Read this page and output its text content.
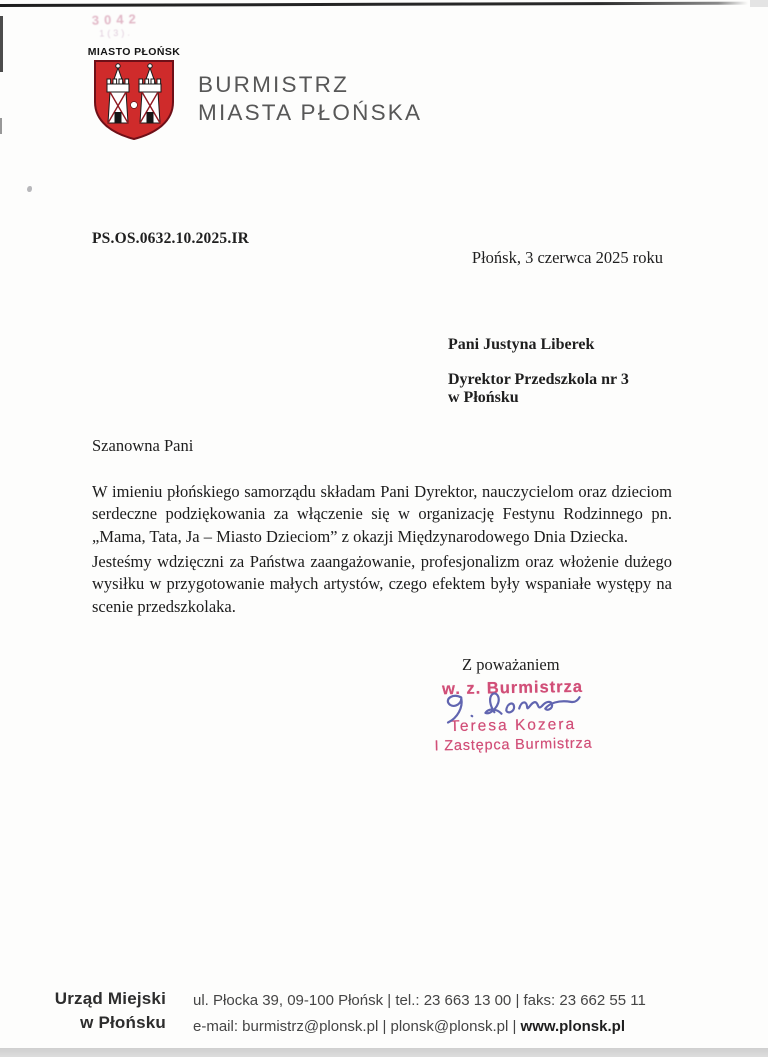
3042
1(3).
MIASTO PŁOŃSK
BURMISTRZ
MIASTA PŁOŃSKA
PS.OS.0632.10.2025.IR
Płońsk, 3 czerwca 2025 roku
Pani Justyna Liberek
Dyrektor Przedszkola nr 3
w Płońsku
Szanowna Pani

W imieniu płońskiego samorządu składam Pani Dyrektor, nauczycielom oraz dzieciom serdeczne podziękowania za włączenie się w organizację Festynu Rodzinnego pn. „Mama, Tata, Ja – Miasto Dzieciom” z okazji Międzynarodowego Dnia Dziecka.

Jesteśmy wdzięczni za Państwa zaangażowanie, profesjonalizm oraz włożenie dużego wysiłku w przygotowanie małych artystów, czego efektem były wspaniałe występy na scenie przedszkolaka.

Z poważaniem
w. z. Burmistrza
Teresa Kozera
I Zastępca Burmistrza
Urząd Miejski
w Płońsku
ul. Płocka 39, 09-100 Płońsk | tel.: 23 663 13 00 | faks: 23 662 55 11
e-mail: burmistrz@plonsk.pl | plonsk@plonsk.pl | www.plonsk.pl
